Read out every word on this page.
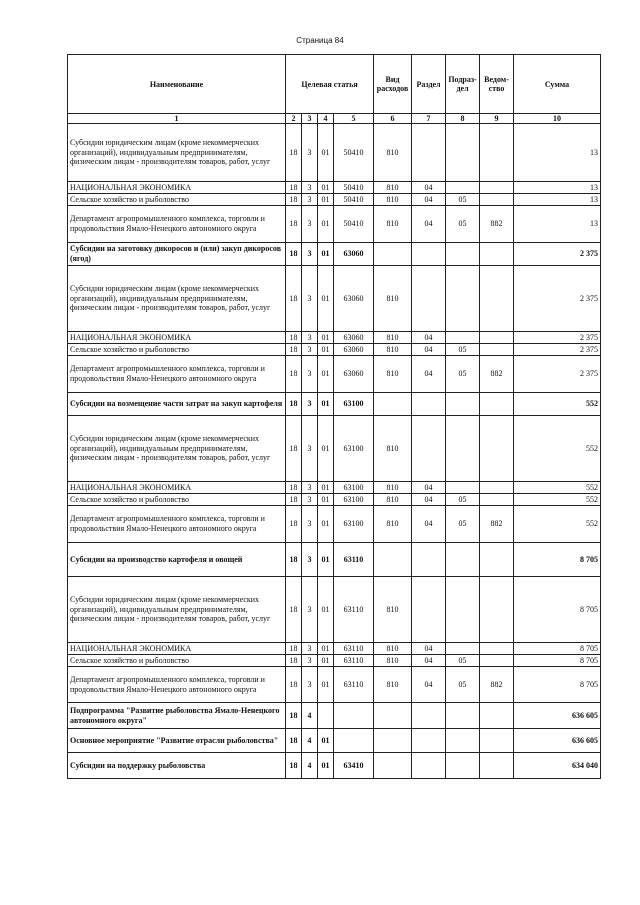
Страница 84
Наименование	Целевая статья				Вид расходов	Раздел	Подраз-дел	Ведом-ство	Сумма
1	2	3	4	5	6	7	8	9	10
Субсидии юридическим лицам (кроме некоммерческих организаций), индивидуальным предпринимателям, физическим лицам - производителям товаров, работ, услуг	18	3	01	50410	810				13
НАЦИОНАЛЬНАЯ ЭКОНОМИКА	18	3	01	50410	810	04			13
Сельское хозяйство и рыболовство	18	3	01	50410	810	04	05		13
Департамент агропромышленного комплекса, торговли и продовольствия Ямало-Ненецкого автономного округа	18	3	01	50410	810	04	05	882	13
Субсидии на заготовку дикоросов и (или) закуп дикоросов (ягод)	18	3	01	63060					2 375
Субсидии юридическим лицам (кроме некоммерческих организаций), индивидуальным предпринимателям, физическим лицам - производителям товаров, работ, услуг	18	3	01	63060	810				2 375
НАЦИОНАЛЬНАЯ ЭКОНОМИКА	18	3	01	63060	810	04			2 375
Сельское хозяйство и рыболовство	18	3	01	63060	810	04	05		2 375
Департамент агропромышленного комплекса, торговли и продовольствия Ямало-Ненецкого автономного округа	18	3	01	63060	810	04	05	882	2 375
Субсидии на возмещение части затрат на закуп картофеля	18	3	01	63100					552
Субсидии юридическим лицам (кроме некоммерческих организаций), индивидуальным предпринимателям, физическим лицам - производителям товаров, работ, услуг	18	3	01	63100	810				552
НАЦИОНАЛЬНАЯ ЭКОНОМИКА	18	3	01	63100	810	04			552
Сельское хозяйство и рыболовство	18	3	01	63100	810	04	05		552
Департамент агропромышленного комплекса, торговли и продовольствия Ямало-Ненецкого автономного округа	18	3	01	63100	810	04	05	882	552
Субсидии на производство картофеля и овощей	18	3	01	63110					8 705
Субсидии юридическим лицам (кроме некоммерческих организаций), индивидуальным предпринимателям, физическим лицам - производителям товаров, работ, услуг	18	3	01	63110	810				8 705
НАЦИОНАЛЬНАЯ ЭКОНОМИКА	18	3	01	63110	810	04			8 705
Сельское хозяйство и рыболовство	18	3	01	63110	810	04	05		8 705
Департамент агропромышленного комплекса, торговли и продовольствия Ямало-Ненецкого автономного округа	18	3	01	63110	810	04	05	882	8 705
Подпрограмма "Развитие рыболовства Ямало-Ненецкого автономного округа"	18	4							636 605
Основное мероприятие "Развитие отрасли рыболовства"	18	4	01						636 605
Субсидии на поддержку рыболовства	18	4	01	63410					634 040
